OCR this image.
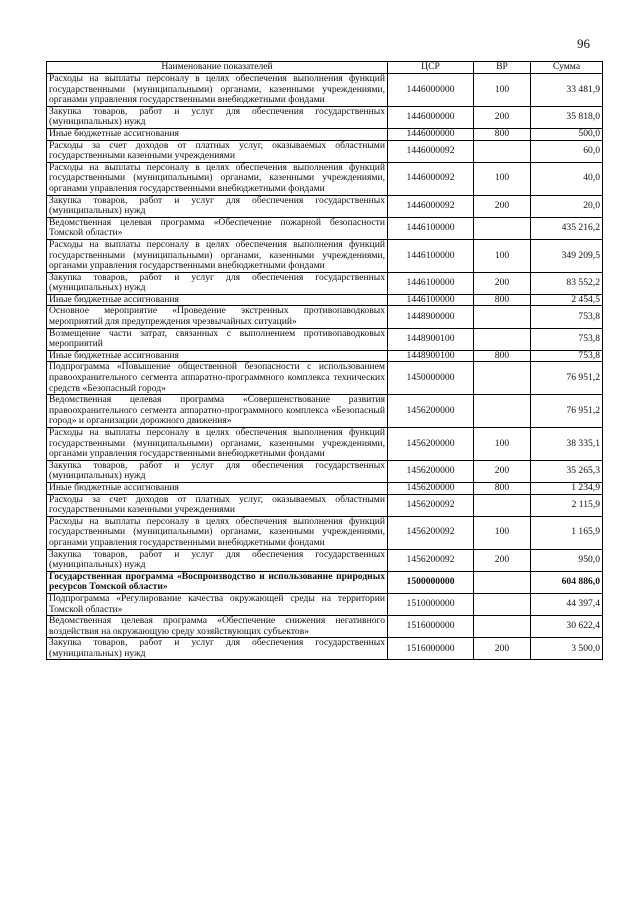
96
Наименование показателей	ЦСР	ВР	Сумма
Расходы на выплаты персоналу в целях обеспечения выполнения функций государственными (муниципальными) органами, казенными учреждениями, органами управления государственными внебюджетными фондами	1446000000	100	33 481,9
Закупка товаров, работ и услуг для обеспечения государственных (муниципальных) нужд	1446000000	200	35 818,0
Иные бюджетные ассигнования	1446000000	800	500,0
Расходы за счет доходов от платных услуг, оказываемых областными государственными казенными учреждениями	1446000092		60,0
Расходы на выплаты персоналу в целях обеспечения выполнения функций государственными (муниципальными) органами, казенными учреждениями, органами управления государственными внебюджетными фондами	1446000092	100	40,0
Закупка товаров, работ и услуг для обеспечения государственных (муниципальных) нужд	1446000092	200	20,0
Ведомственная целевая программа «Обеспечение пожарной безопасности Томской области»	1446100000		435 216,2
Расходы на выплаты персоналу в целях обеспечения выполнения функций государственными (муниципальными) органами, казенными учреждениями, органами управления государственными внебюджетными фондами	1446100000	100	349 209,5
Закупка товаров, работ и услуг для обеспечения государственных (муниципальных) нужд	1446100000	200	83 552,2
Иные бюджетные ассигнования	1446100000	800	2 454,5
Основное мероприятие «Проведение экстренных противопаводковых мероприятий для предупреждения чрезвычайных ситуаций»	1448900000		753,8
Возмещение части затрат, связанных с выполнением противопаводковых мероприятий	1448900100		753,8
Иные бюджетные ассигнования	1448900100	800	753,8
Подпрограмма «Повышение общественной безопасности с использованием правоохранительного сегмента аппаратно-программного комплекса технических средств «Безопасный город»	1450000000		76 951,2
Ведомственная целевая программа «Совершенствование развития правоохранительного сегмента аппаратно-программного комплекса «Безопасный город» и организации дорожного движения»	1456200000		76 951,2
Расходы на выплаты персоналу в целях обеспечения выполнения функций государственными (муниципальными) органами, казенными учреждениями, органами управления государственными внебюджетными фондами	1456200000	100	38 335,1
Закупка товаров, работ и услуг для обеспечения государственных (муниципальных) нужд	1456200000	200	35 265,3
Иные бюджетные ассигнования	1456200000	800	1 234,9
Расходы за счет доходов от платных услуг, оказываемых областными государственными казенными учреждениями	1456200092		2 115,9
Расходы на выплаты персоналу в целях обеспечения выполнения функций государственными (муниципальными) органами, казенными учреждениями, органами управления государственными внебюджетными фондами	1456200092	100	1 165,9
Закупка товаров, работ и услуг для обеспечения государственных (муниципальных) нужд	1456200092	200	950,0
Государственная программа «Воспроизводство и использование природных ресурсов Томской области»	1500000000		604 886,0
Подпрограмма «Регулирование качества окружающей среды на территории Томской области»	1510000000		44 397,4
Ведомственная целевая программа «Обеспечение снижения негативного воздействия на окружающую среду хозяйствующих субъектов»	1516000000		30 622,4
Закупка товаров, работ и услуг для обеспечения государственных (муниципальных) нужд	1516000000	200	3 500,0
